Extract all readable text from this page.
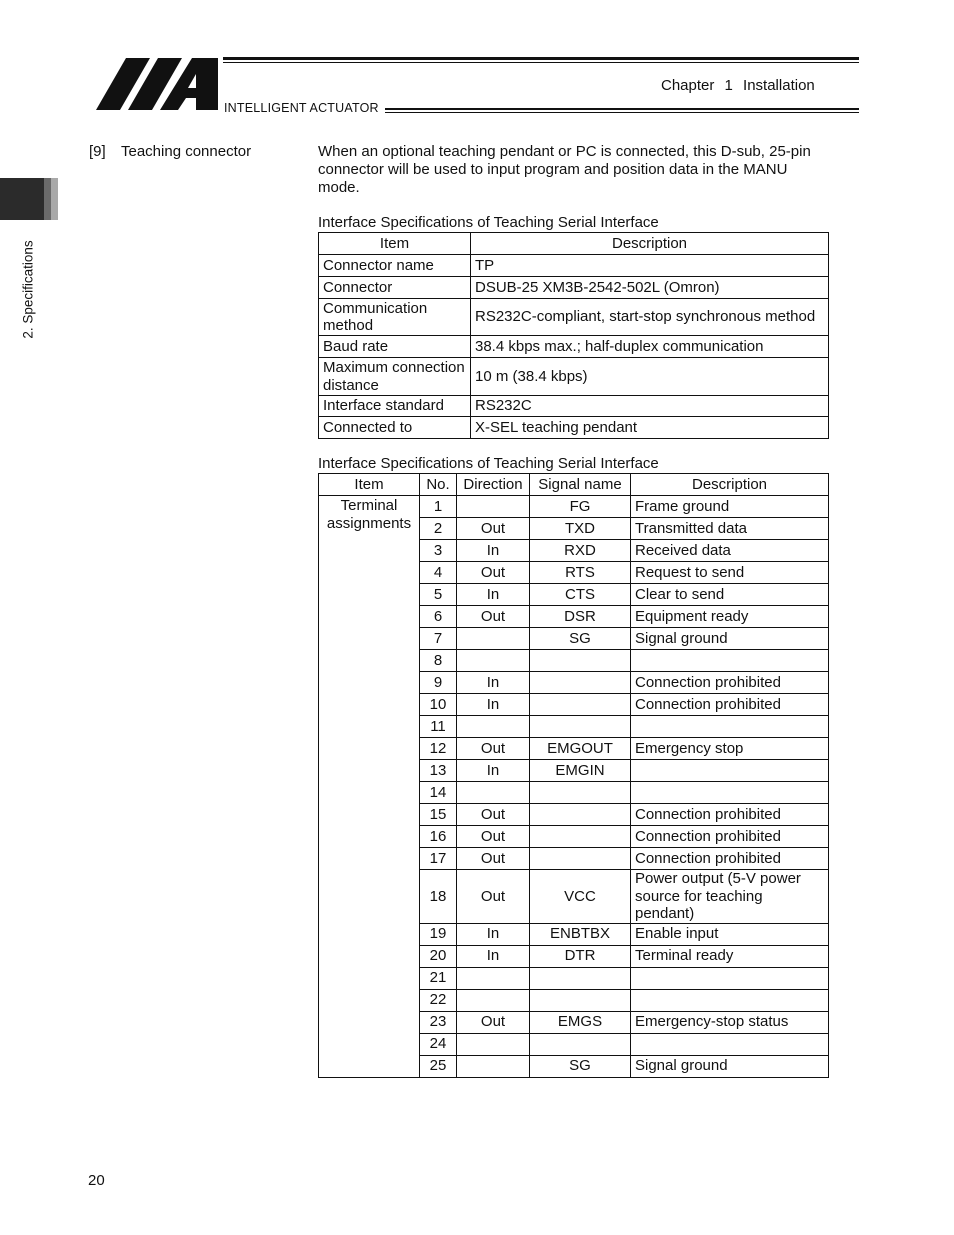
INTELLIGENT ACTUATOR
Chapter 1 Installation
2. Specifications
[9] Teaching connector	When an optional teaching pendant or PC is connected, this D-sub, 25-pin connector will be used to input program and position data in the MANU mode.
Interface Specifications of Teaching Serial Interface
Item	Description
Connector name	TP
Connector	DSUB-25 XM3B-2542-502L (Omron)
Communication method	RS232C-compliant, start-stop synchronous method
Baud rate	38.4 kbps max.; half-duplex communication
Maximum connection distance	10 m (38.4 kbps)
Interface standard	RS232C
Connected to	X-SEL teaching pendant
Interface Specifications of Teaching Serial Interface
Item	No.	Direction	Signal name	Description
Terminal assignments	1		FG	Frame ground
	2	Out	TXD	Transmitted data
	3	In	RXD	Received data
	4	Out	RTS	Request to send
	5	In	CTS	Clear to send
	6	Out	DSR	Equipment ready
	7		SG	Signal ground
	8			
	9	In		Connection prohibited
	10	In		Connection prohibited
	11			
	12	Out	EMGOUT	Emergency stop
	13	In	EMGIN	
	14			
	15	Out		Connection prohibited
	16	Out		Connection prohibited
	17	Out		Connection prohibited
	18	Out	VCC	Power output (5-V power source for teaching pendant)
	19	In	ENBTBX	Enable input
	20	In	DTR	Terminal ready
	21			
	22			
	23	Out	EMGS	Emergency-stop status
	24			
	25		SG	Signal ground
20
